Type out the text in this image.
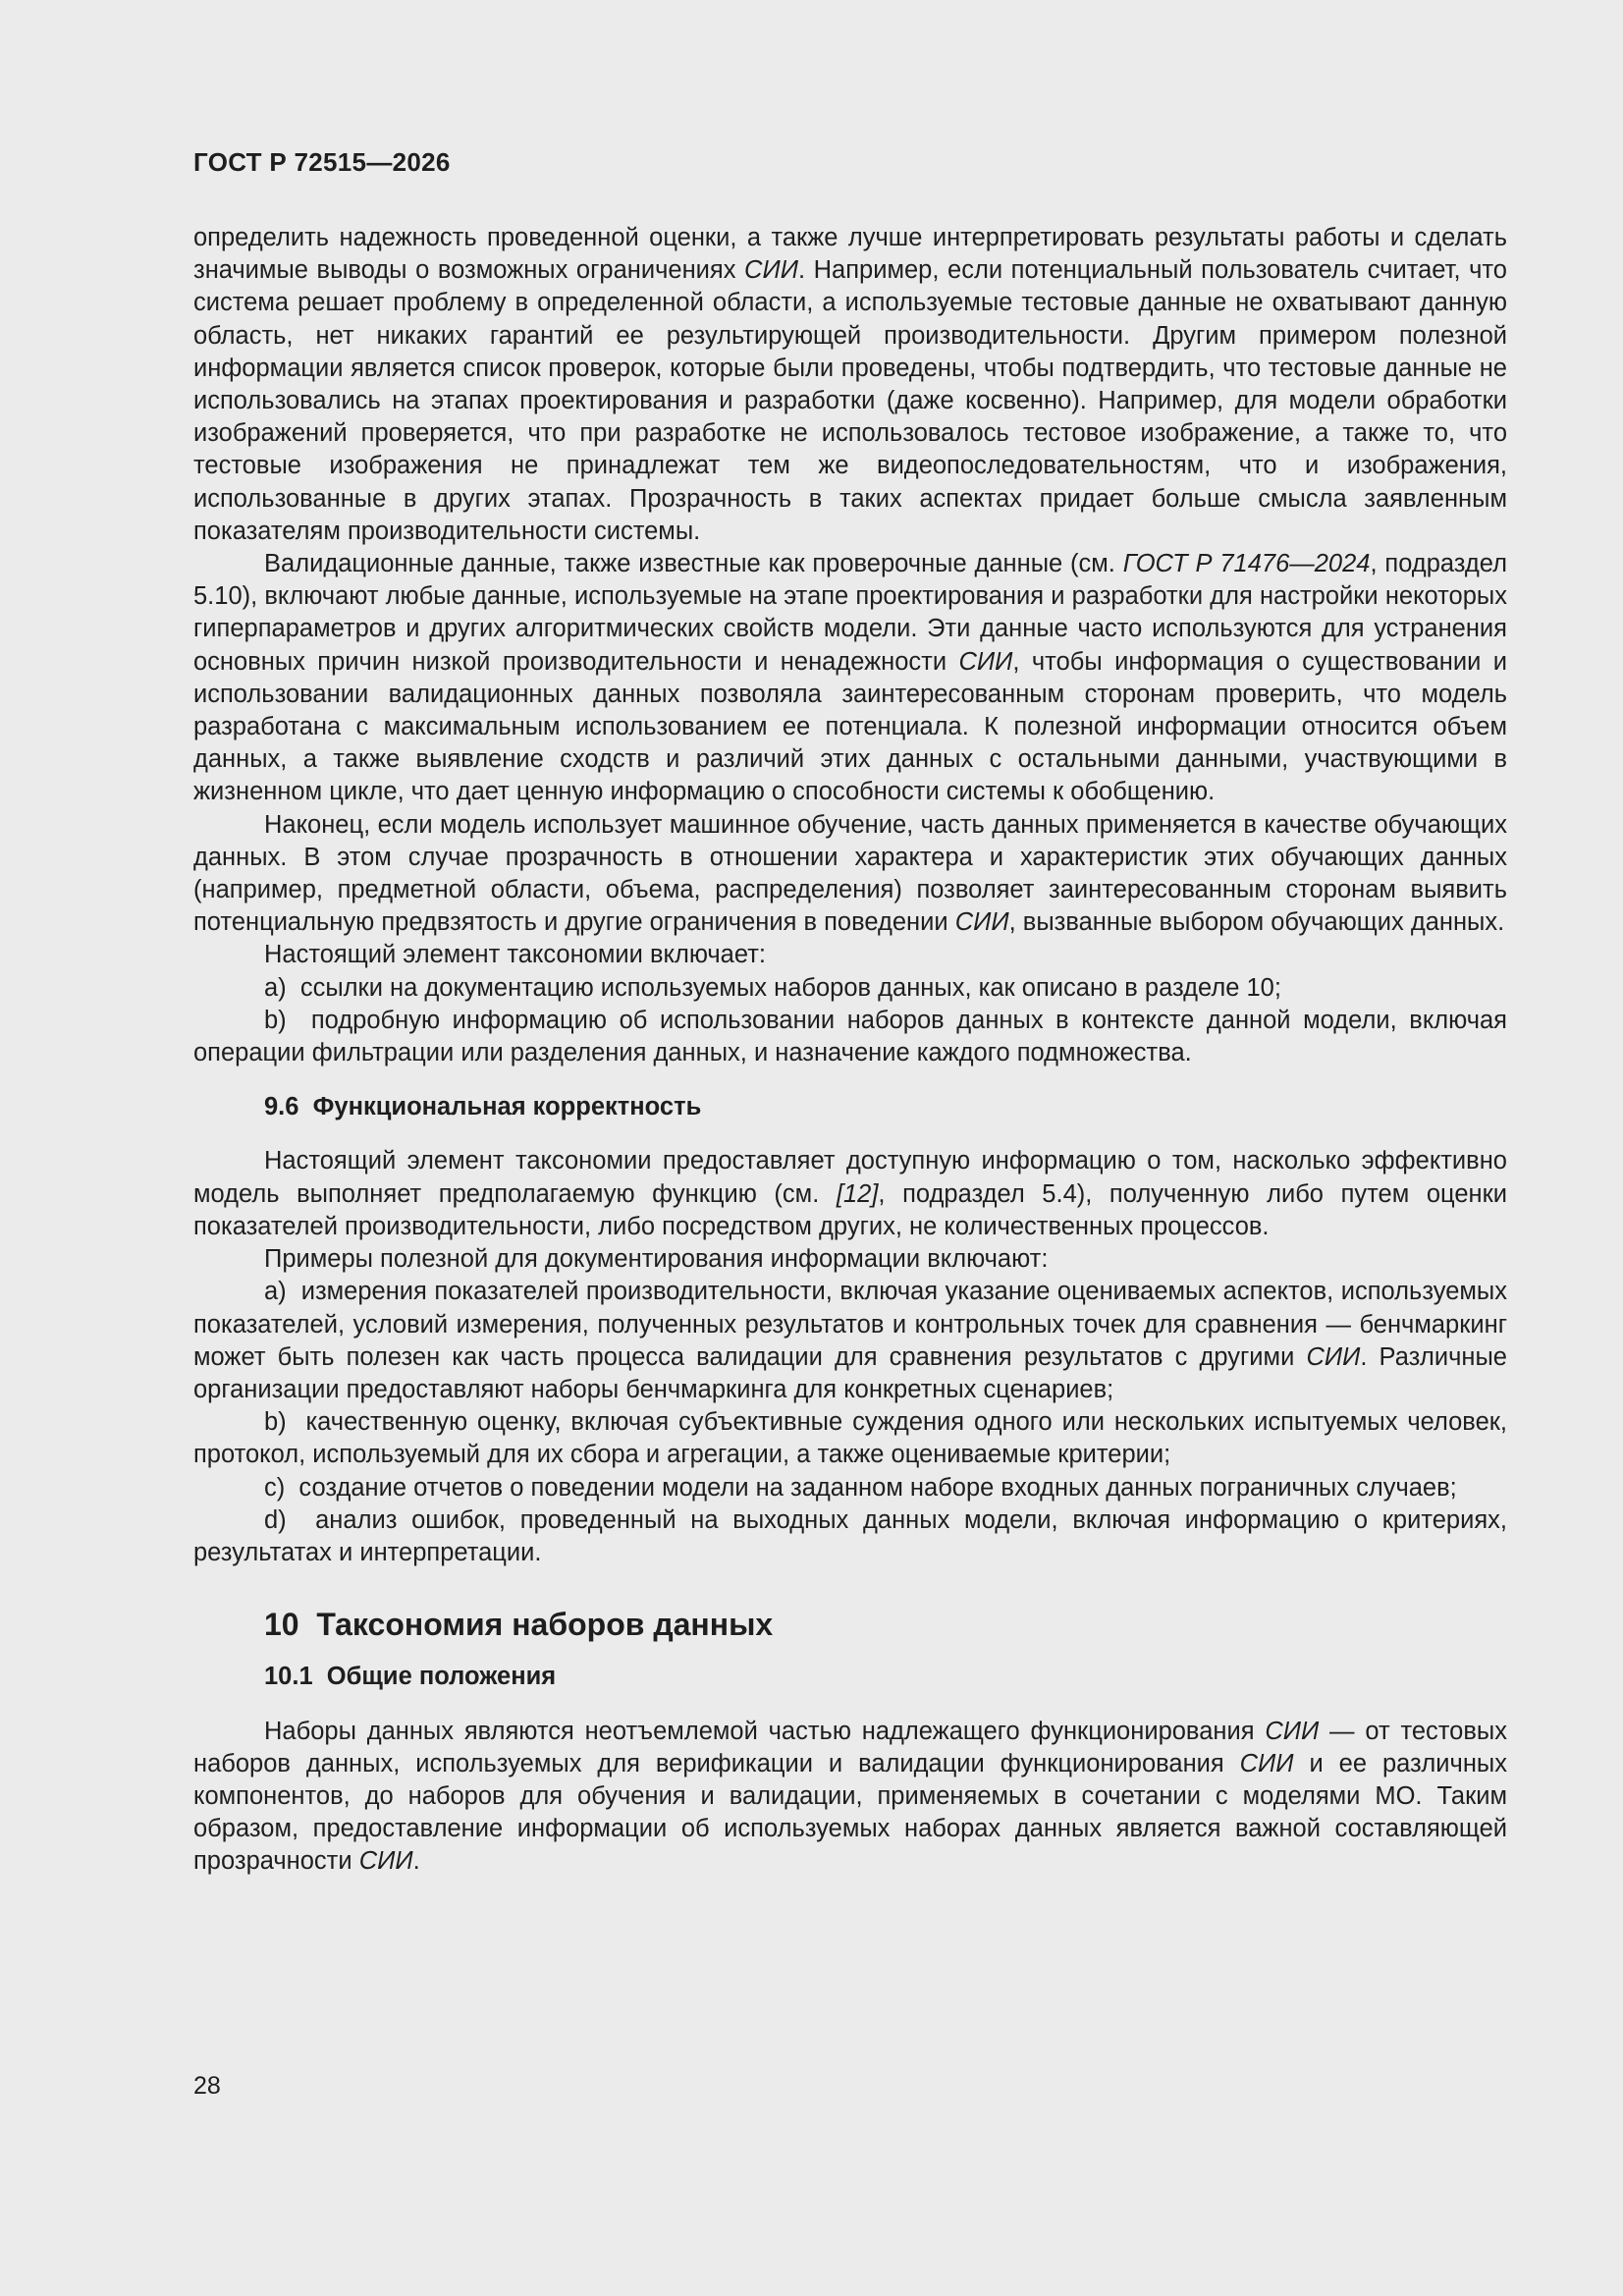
ГОСТ Р 72515—2026

определить надежность проведенной оценки, а также лучше интерпретировать результаты работы и сделать значимые выводы о возможных ограничениях СИИ. Например, если потенциальный пользователь считает, что система решает проблему в определенной области, а используемые тестовые данные не охватывают данную область, нет никаких гарантий ее результирующей производительности. Другим примером полезной информации является список проверок, которые были проведены, чтобы подтвердить, что тестовые данные не использовались на этапах проектирования и разработки (даже косвенно). Например, для модели обработки изображений проверяется, что при разработке не использовалось тестовое изображение, а также то, что тестовые изображения не принадлежат тем же видеопоследовательностям, что и изображения, использованные в других этапах. Прозрачность в таких аспектах придает больше смысла заявленным показателям производительности системы.

Валидационные данные, также известные как проверочные данные (см. ГОСТ Р 71476—2024, подраздел 5.10), включают любые данные, используемые на этапе проектирования и разработки для настройки некоторых гиперпараметров и других алгоритмических свойств модели. Эти данные часто используются для устранения основных причин низкой производительности и ненадежности СИИ, чтобы информация о существовании и использовании валидационных данных позволяла заинтересованным сторонам проверить, что модель разработана с максимальным использованием ее потенциала. К полезной информации относится объем данных, а также выявление сходств и различий этих данных с остальными данными, участвующими в жизненном цикле, что дает ценную информацию о способности системы к обобщению.

Наконец, если модель использует машинное обучение, часть данных применяется в качестве обучающих данных. В этом случае прозрачность в отношении характера и характеристик этих обучающих данных (например, предметной области, объема, распределения) позволяет заинтересованным сторонам выявить потенциальную предвзятость и другие ограничения в поведении СИИ, вызванные выбором обучающих данных.

Настоящий элемент таксономии включает:

a)  ссылки на документацию используемых наборов данных, как описано в разделе 10;

b)  подробную информацию об использовании наборов данных в контексте данной модели, включая операции фильтрации или разделения данных, и назначение каждого подмножества.

9.6  Функциональная корректность

Настоящий элемент таксономии предоставляет доступную информацию о том, насколько эффективно модель выполняет предполагаемую функцию (см. [12], подраздел 5.4), полученную либо путем оценки показателей производительности, либо посредством других, не количественных процессов.

Примеры полезной для документирования информации включают:

a)  измерения показателей производительности, включая указание оцениваемых аспектов, используемых показателей, условий измерения, полученных результатов и контрольных точек для сравнения — бенчмаркинг может быть полезен как часть процесса валидации для сравнения результатов с другими СИИ. Различные организации предоставляют наборы бенчмаркинга для конкретных сценариев;

b)  качественную оценку, включая субъективные суждения одного или нескольких испытуемых человек, протокол, используемый для их сбора и агрегации, а также оцениваемые критерии;

c)  создание отчетов о поведении модели на заданном наборе входных данных пограничных случаев;

d)  анализ ошибок, проведенный на выходных данных модели, включая информацию о критериях, результатах и интерпретации.

10  Таксономия наборов данных

10.1  Общие положения

Наборы данных являются неотъемлемой частью надлежащего функционирования СИИ — от тестовых наборов данных, используемых для верификации и валидации функционирования СИИ и ее различных компонентов, до наборов для обучения и валидации, применяемых в сочетании с моделями МО. Таким образом, предоставление информации об используемых наборах данных является важной составляющей прозрачности СИИ.

28
